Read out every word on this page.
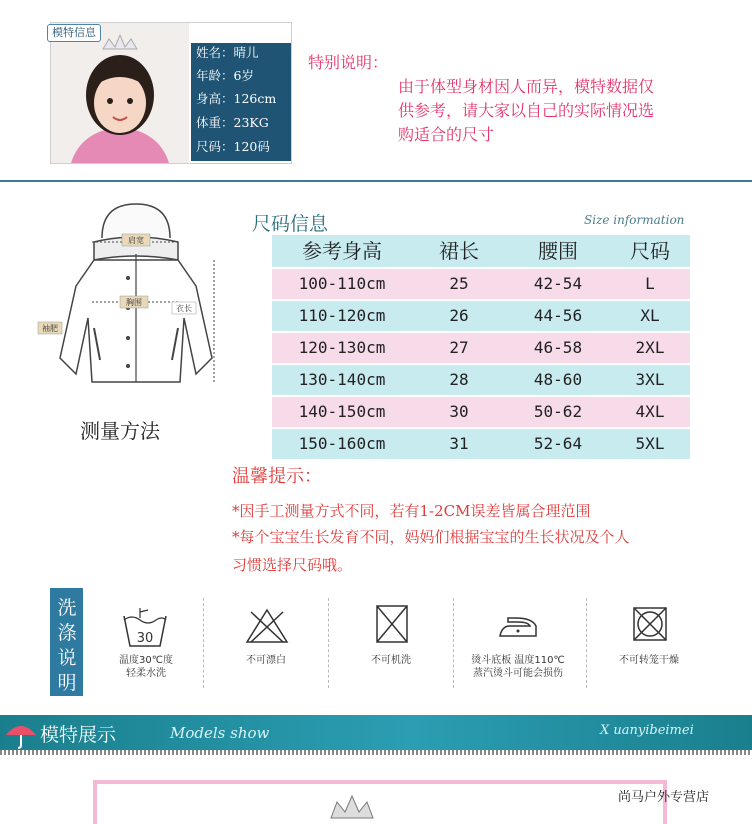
模特信息
姓名：晴儿
年龄：6岁
身高：126cm
体重：23KG
尺码：120码
特别说明：
由于体型身材因人而异，模特数据仅
供参考，请大家以自己的实际情况选
购适合的尺寸
肩宽
胸围
衣长
袖肥
测量方法
尺码信息	Size information
参考身高	裙长	腰围	尺码
100-110cm	25	42-54	L
110-120cm	26	44-56	XL
120-130cm	27	46-58	2XL
130-140cm	28	48-60	3XL
140-150cm	30	50-62	4XL
150-160cm	31	52-64	5XL
温馨提示：
*因手工测量方式不同，若有1-2CM误差皆属合理范围
*每个宝宝生长发育不同，妈妈们根据宝宝的生长状况及个人
习惯选择尺码哦。
洗
涤
说
明
30
温度30℃度
轻柔水洗
不可漂白	不可机洗	烫斗底板 温度110℃
蒸汽烫斗可能会损伤
不可转笼干燥
模特展示	Models show	X uanyibeimei
尚马户外专营店
